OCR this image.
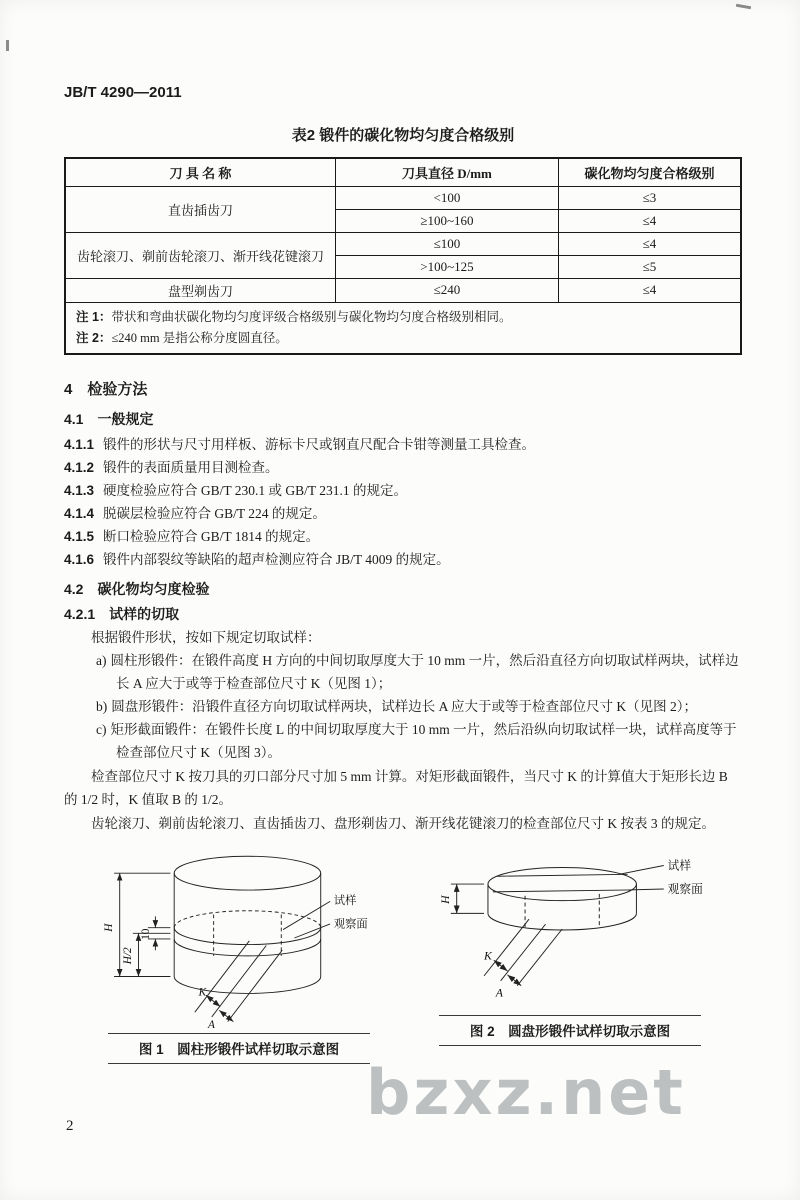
JB/T 4290—2011
表2 锻件的碳化物均匀度合格级别
刀 具 名 称	刀具直径 D/mm	碳化物均匀度合格级别
直齿插齿刀	<100	≤3
	≥100~160	≤4
齿轮滚刀、剃前齿轮滚刀、渐开线花键滚刀	≤100	≤4
	>100~125	≤5
盘型剃齿刀	≤240	≤4

注 1：带状和弯曲状碳化物均匀度评级合格级别与碳化物均匀度合格级别相同。
注 2：≤240 mm 是指公称分度圆直径。		
4　检验方法
4.1　一般规定
4.1.1 锻件的形状与尺寸用样板、游标卡尺或钢直尺配合卡钳等测量工具检查。
4.1.2 锻件的表面质量用目测检查。
4.1.3 硬度检验应符合 GB/T 230.1 或 GB/T 231.1 的规定。
4.1.4 脱碳层检验应符合 GB/T 224 的规定。
4.1.5 断口检验应符合 GB/T 1814 的规定。
4.1.6 锻件内部裂纹等缺陷的超声检测应符合 JB/T 4009 的规定。
4.2　碳化物均匀度检验
4.2.1　试样的切取
根据锻件形状，按如下规定切取试样：
a) 圆柱形锻件：在锻件高度 H 方向的中间切取厚度大于 10 mm 一片，然后沿直径方向切取试样两块，试样边长 A 应大于或等于检查部位尺寸 K（见图 1）；
b) 圆盘形锻件：沿锻件直径方向切取试样两块，试样边长 A 应大于或等于检查部位尺寸 K（见图 2）；
c) 矩形截面锻件：在锻件长度 L 的中间切取厚度大于 10 mm 一片，然后沿纵向切取试样一块，试样高度等于检查部位尺寸 K（见图 3）。
检查部位尺寸 K 按刀具的刃口部分尺寸加 5 mm 计算。对矩形截面锻件，当尺寸 K 的计算值大于矩形长边 B 的 1/2 时，K 值取 B 的 1/2。
齿轮滚刀、剃前齿轮滚刀、直齿插齿刀、盘形剃齿刀、渐开线花键滚刀的检查部位尺寸 K 按表 3 的规定。
试样
观察面
H
H/2
10
K
A
图 1　圆柱形锻件试样切取示意图
试样
观察面
H
K
A
图 2　圆盘形锻件试样切取示意图
bzxz.net
2
